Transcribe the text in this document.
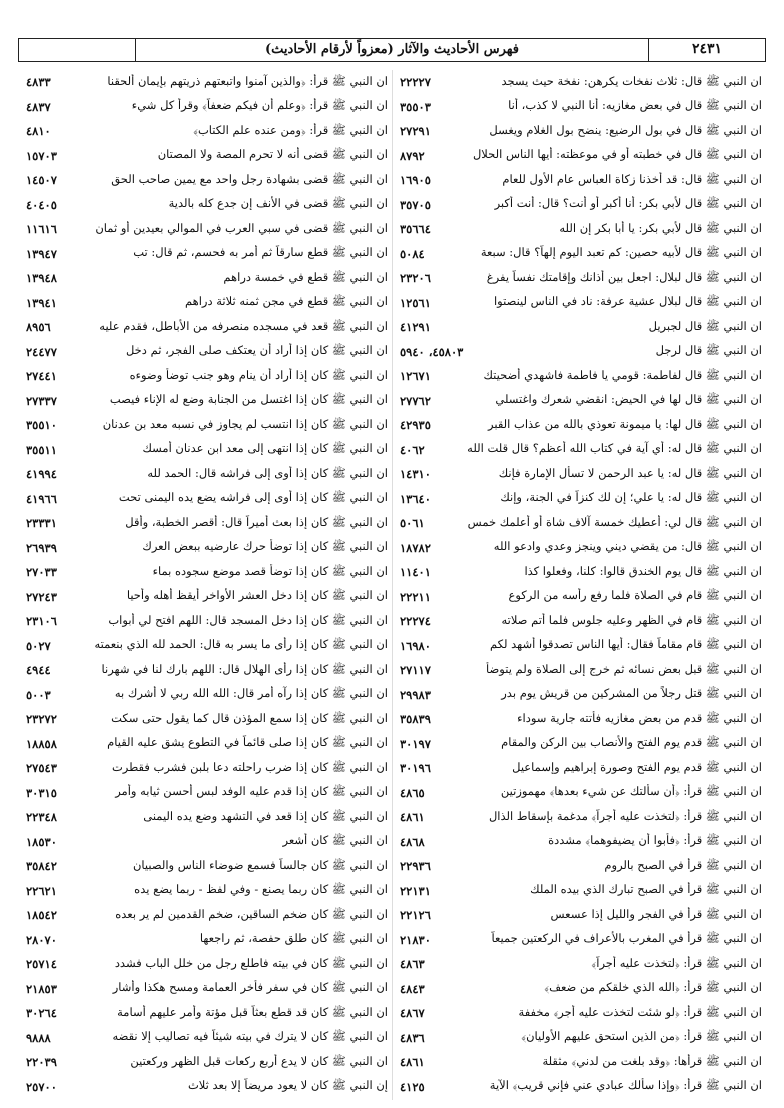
فهرس الأحاديث والآثار (معزواً لأرقام الأحاديث)	٢٤٣١
ان النبي ﷺ قال: ثلاث نفخات يكرهن: نفخة حيث يسجد
٢٢٢٢٧
ان النبي ﷺ قال في بعض مغازيه: أنا النبي لا كذب، أنا
٣٥٥٠٣
ان النبي ﷺ قال في بول الرضيع: ينضح بول الغلام ويغسل
٢٧٢٩١
ان النبي ﷺ قال في خطبته أو في موعظته: أيها الناس الحلال
٨٧٩٢
ان النبي ﷺ قال: قد أخذنا زكاة العباس عام الأول للعام
١٦٩٠٥
ان النبي ﷺ قال لأبي بكر: أنا أكبر أو أنت؟ قال: أنت أكبر
٣٥٧٠٥
ان النبي ﷺ قال لأبي بكر: يا أبا بكر إن الله
٣٥٦٦٤
ان النبي ﷺ قال لأبيه حصين: كم تعبد اليوم إلهاً؟ قال: سبعة
٥٠٨٤
ان النبي ﷺ قال لبلال: اجعل بين أذانك وإقامتك نفساً يفرغ
٢٣٢٠٦
ان النبي ﷺ قال لبلال عشية عرفة: ناد في الناس لينصتوا
١٢٥٦١
ان النبي ﷺ قال لجبريل
٤١٢٩١
ان النبي ﷺ قال لرجل
٤٥٨٠٣، ٥٩٤٠
ان النبي ﷺ قال لفاطمة: قومي يا فاطمة فاشهدي أضحيتك
١٢٦٧١
ان النبي ﷺ قال لها في الحيض: انقضي شعرك واغتسلي
٢٧٧٦٢
ان النبي ﷺ قال لها: يا ميمونة تعوذي بالله من عذاب القبر
٤٢٩٣٥
ان النبي ﷺ قال له: أي آية في كتاب الله أعظم؟ قال قلت الله
٤٠٦٢
ان النبي ﷺ قال له: يا عبد الرحمن لا تسأل الإمارة فإنك
١٤٣١٠
ان النبي ﷺ قال له: يا علي؛ إن لك كنزاً في الجنة، وإنك
١٣٦٤٠
ان النبي ﷺ قال لي: أعطيك خمسة آلاف شاة أو أعلمك خمس
٥٠٦١
ان النبي ﷺ قال: من يقضي ديني وينجز وعدي وادعو الله
١٨٧٨٢
ان النبي ﷺ قال يوم الخندق قالوا: كلنا، وفعلوا كذا
١١٤٠١
ان النبي ﷺ قام في الصلاة فلما رفع رأسه من الركوع
٢٢٢١١
ان النبي ﷺ قام في الظهر وعليه جلوس فلما أتم صلاته
٢٢٢٧٤
ان النبي ﷺ قام مقاماً فقال: أيها الناس تصدقوا أشهد لكم
١٦٩٨٠
ان النبي ﷺ قبل بعض نسائه ثم خرج إلى الصلاة ولم يتوضأ
٢٧١١٧
ان النبي ﷺ قتل رجلاً من المشركين من قريش يوم بدر
٢٩٩٨٣
ان النبي ﷺ قدم من بعض مغازيه فأتته جارية سوداء
٣٥٨٣٩
ان النبي ﷺ قدم يوم الفتح والأنصاب بين الركن والمقام
٣٠١٩٧
ان النبي ﷺ قدم يوم الفتح وصورة إبراهيم وإسماعيل
٣٠١٩٦
ان النبي ﷺ قرأ: ﴿أن سألتك عن شيء بعدها﴾ مهموزتين
٤٨٦٥
ان النبي ﷺ قرأ: ﴿لتخذت عليه أجراً﴾ مدغمة بإسقاط الذال
٤٨٦١
ان النبي ﷺ قرأ: ﴿فأبوا أن يضيفوهما﴾ مشددة
٤٨٦٨
ان النبي ﷺ قرأ في الصبح بالروم
٢٢٩٣٦
ان النبي ﷺ قرأ في الصبح تبارك الذي بيده الملك
٢٢١٣١
ان النبي ﷺ قرأ في الفجر والليل إذا عسعس
٢٢١٢٦
ان النبي ﷺ قرأ في المغرب بالأعراف في الركعتين جميعاً
٢١٨٣٠
ان النبي ﷺ قرأ: ﴿لتخذت عليه أجراً﴾
٤٨٦٣
ان النبي ﷺ قرأ: ﴿الله الذي خلقكم من ضعف﴾
٤٨٤٣
ان النبي ﷺ قرأ: ﴿لو شئت لتخذت عليه أجر﴾ مخففة
٤٨٦٧
ان النبي ﷺ قرأ: ﴿من الذين استحق عليهم الأوليان﴾
٤٨٣٦
ان النبي ﷺ قرأها: ﴿وقد بلغت من لدني﴾ مثقلة
٤٨٦١
ان النبي ﷺ قرأ: ﴿وإذا سألك عبادي عني فإني قريب﴾ الآية
٤١٢٥
ان النبي ﷺ قرأ: ﴿والذين آمنوا واتبعتهم ذريتهم بإيمان ألحقنا
٤٨٣٣
ان النبي ﷺ قرأ: ﴿وعلم أن فيكم ضعفاً﴾ وقرأ كل شيء
٤٨٣٧
ان النبي ﷺ قرأ: ﴿ومن عنده علم الكتاب﴾
٤٨١٠
ان النبي ﷺ قضى أنه لا تحرم المصة ولا المصتان
١٥٧٠٣
ان النبي ﷺ قضى بشهادة رجل واحد مع يمين صاحب الحق
١٤٥٠٧
ان النبي ﷺ قضى في الأنف إن جدع كله بالدية
٤٠٤٠٥
ان النبي ﷺ قضى في سبي العرب في الموالي بعيدين أو ثمان
١١٦١٦
ان النبي ﷺ قطع سارقاً ثم أمر به فحسم، ثم قال: تب
١٣٩٤٧
ان النبي ﷺ قطع في خمسة دراهم
١٣٩٤٨
ان النبي ﷺ قطع في مجن ثمنه ثلاثة دراهم
١٣٩٤١
ان النبي ﷺ قعد في مسجده منصرفه من الأباطل، فقدم عليه
٨٩٥٦
ان النبي ﷺ كان إذا أراد أن يعتكف صلى الفجر، ثم دخل
٢٤٤٧٧
ان النبي ﷺ كان إذا أراد أن ينام وهو جنب توضأ وضوءه
٢٧٤٤١
ان النبي ﷺ كان إذا اغتسل من الجنابة وضع له الإناء فيصب
٢٧٣٣٧
ان النبي ﷺ كان إذا انتسب لم يجاوز في نسبه معد بن عدنان
٣٥٥١٠
ان النبي ﷺ كان إذا انتهى إلى معد ابن عدنان أمسك
٣٥٥١١
ان النبي ﷺ كان إذا أوى إلى فراشه قال: الحمد لله
٤١٩٩٤
ان النبي ﷺ كان إذا أوى إلى فراشه يضع يده اليمنى تحت
٤١٩٦٦
ان النبي ﷺ كان إذا بعث أميراً قال: أقصر الخطبة، وأقل
٢٣٣٣١
ان النبي ﷺ كان إذا توضأ حرك عارضيه ببعض العرك
٢٦٩٣٩
ان النبي ﷺ كان إذا توضأ قصد موضع سجوده بماء
٢٧٠٣٣
ان النبي ﷺ كان إذا دخل العشر الأواخر أيقظ أهله وأحيا
٢٧٢٤٣
ان النبي ﷺ كان إذا دخل المسجد قال: اللهم افتح لي أبواب
٢٣١٠٦
ان النبي ﷺ كان إذا رأى ما يسر به قال: الحمد لله الذي بنعمته
٥٠٢٧
ان النبي ﷺ كان إذا رأى الهلال قال: اللهم بارك لنا في شهرنا
٤٩٤٤
ان النبي ﷺ كان إذا رآه أمر قال: الله الله ربي لا أشرك به
٥٠٠٣
ان النبي ﷺ كان إذا سمع المؤذن قال كما يقول حتى سكت
٢٣٢٧٢
ان النبي ﷺ كان إذا صلى قائماً في التطوع يشق عليه القيام
١٨٨٥٨
ان النبي ﷺ كان إذا ضرب راحلته دعا بلبن فشرب فقطرت
٢٧٥٤٣
ان النبي ﷺ كان إذا قدم عليه الوفد لبس أحسن ثيابه وأمر
٣٠٣١٥
ان النبي ﷺ كان إذا قعد في التشهد وضع يده اليمنى
٢٢٣٤٨
ان النبي ﷺ كان أشعر
١٨٥٣٠
ان النبي ﷺ كان جالساً فسمع ضوضاء الناس والصبيان
٣٥٨٤٢
ان النبي ﷺ كان ربما يصنع - وفي لفظ - ربما يضع يده
٢٢٦٢١
ان النبي ﷺ كان ضخم الساقين، ضخم القدمين لم ير بعده
١٨٥٤٢
ان النبي ﷺ كان طلق حفصة، ثم راجعها
٢٨٠٧٠
ان النبي ﷺ كان في بيته فاطلع رجل من خلل الباب فشدد
٢٥٧١٤
ان النبي ﷺ كان في سفر فأخر العمامة ومسح هكذا وأشار
٢١٨٥٣
ان النبي ﷺ كان قد قطع بعثاً قبل مؤتة وأمر عليهم أسامة
٣٠٢٦٤
ان النبي ﷺ كان لا يترك في بيته شيئاً فيه تصاليب إلا نقضه
٩٨٨٨
ان النبي ﷺ كان لا يدع أربع ركعات قبل الظهر وركعتين
٢٢٠٣٩
إن النبي ﷺ كان لا يعود مريضاً إلا بعد ثلاث
٢٥٧٠٠
